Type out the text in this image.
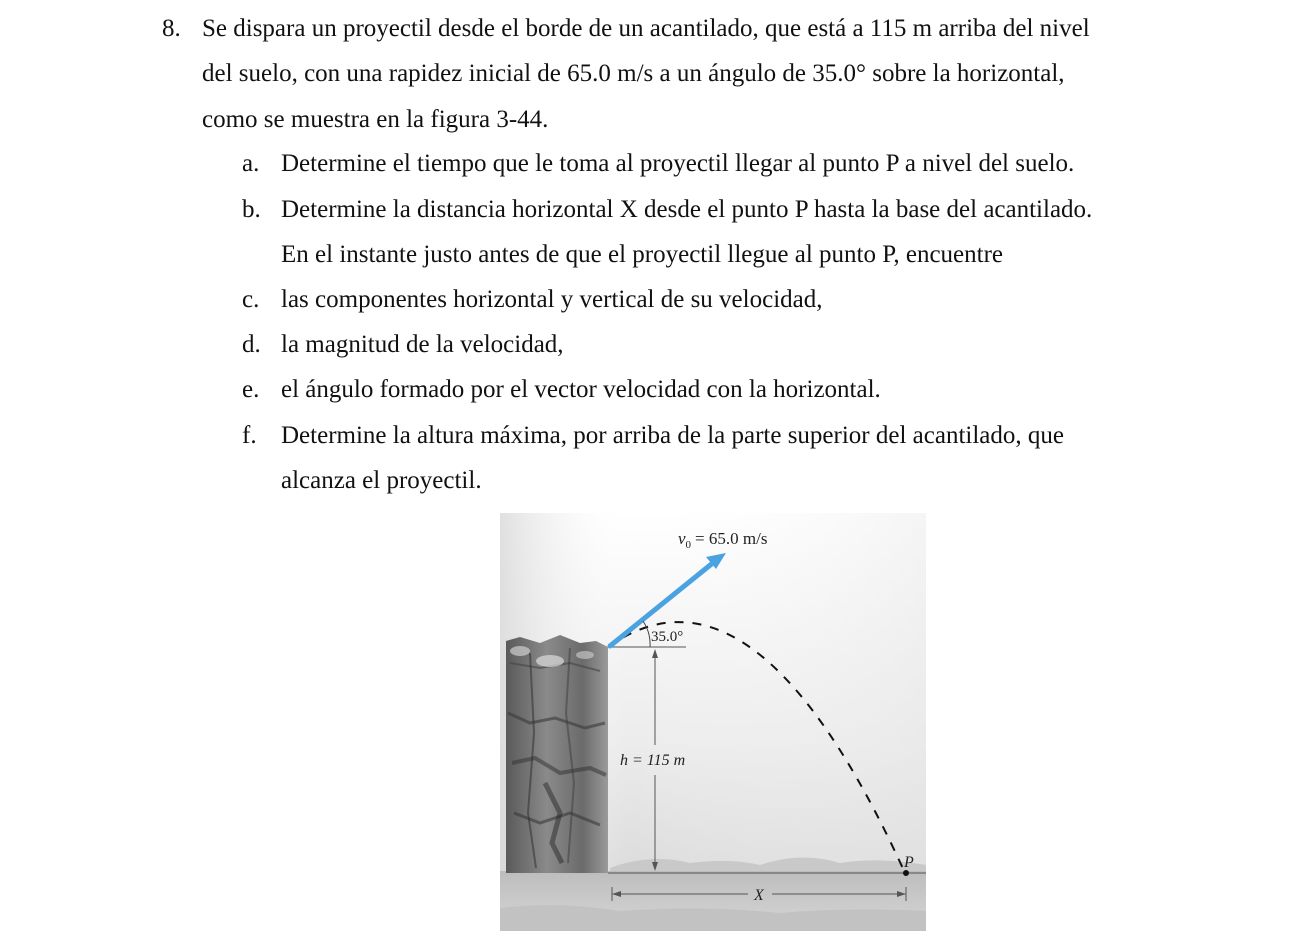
8. Se dispara un proyectil desde el borde de un acantilado, que está a 115 m arriba del nivel
del suelo, con una rapidez inicial de 65.0 m/s a un ángulo de 35.0° sobre la horizontal,
como se muestra en la figura 3-44.
a. Determine el tiempo que le toma al proyectil llegar al punto P a nivel del suelo.
b. Determine la distancia horizontal X desde el punto P hasta la base del acantilado.
En el instante justo antes de que el proyectil llegue al punto P, encuentre
c. las componentes horizontal y vertical de su velocidad,
d. la magnitud de la velocidad,
e. el ángulo formado por el vector velocidad con la horizontal.
f. Determine la altura máxima, por arriba de la parte superior del acantilado, que
alcanza el proyectil.
$v_0 = 65.0$ m/s
35.0°
h = 115 m
P
X
